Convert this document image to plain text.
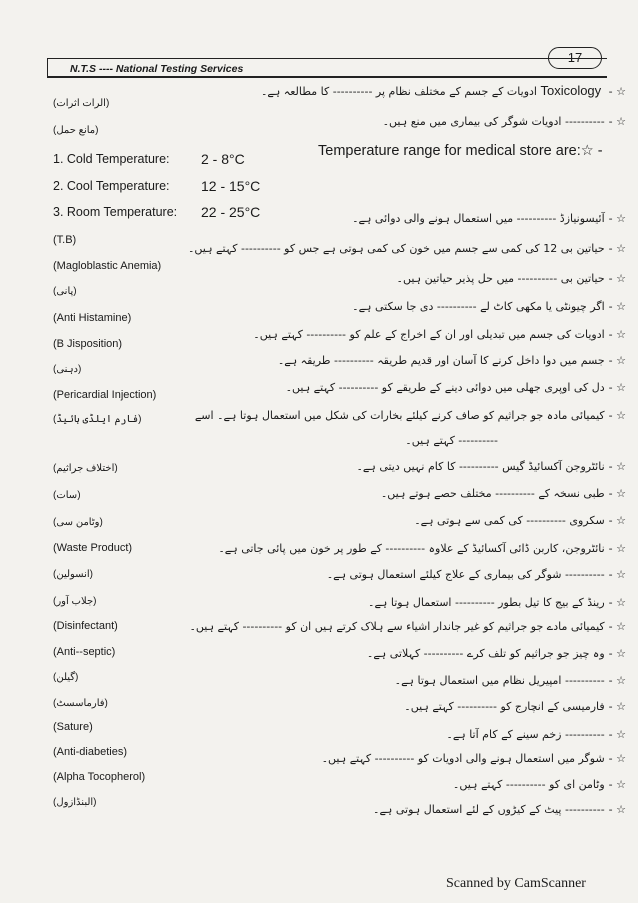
17
N.T.S ---- National Testing Services
☆ - Toxicology ادویات کے جسم کے مختلف نظام پر ---------- کا مطالعہ ہے۔
(الرات اثرات)
☆ ----------- ادویات شوگر کی بیماری میں منع ہیں۔
(مانع حمل)
Temperature range for medical store are:☆ -
1. Cold Temperature: 2 - 8°C
2. Cool Temperature: 12 - 15°C
3. Room Temperature: 22 - 25°C	☆ -آئیسونیازڈ ---------- میں استعمال ہونے والی دوائی ہے۔
(T.B)
☆ -حیاتین بی 12 کی کمی سے جسم میں خون کی کمی ہوتی ہے جس کو ---------- کہتے ہیں۔
(Magloblastic Anemia)
☆ -حیاتین بی ---------- میں حل پذیر حیاتین ہیں۔
(پانی)
☆ -اگر چیونٹی یا مکھی کاٹ لے ---------- دی جا سکتی ہے۔
(Anti Histamine)
☆ -ادویات کی جسم میں تبدیلی اور ان کے اخراج کے علم کو ---------- کہتے ہیں۔
(B Jisposition)
☆ -جسم میں دوا داخل کرنے کا آسان اور قدیم طریقہ ---------- طریقہ ہے۔
(دہنی)
☆ -دل کی اوپری جھلی میں دوائی دینے کے طریقے کو ---------- کہتے ہیں۔
(Pericardial Injection)
☆ -کیمیائی مادہ جو جراثیم کو صاف کرنے کیلئے بخارات کی شکل میں استعمال ہوتا ہے۔ اسے
(فارم ایلڈی ہائیڈ)
---------- کہتے ہیں۔
☆ -نائٹروجن آکسائیڈ گیس ---------- کا کام نہیں دیتی ہے۔
(اختلاف جراثیم)
☆ -طبی نسخہ کے ---------- مختلف حصے ہوتے ہیں۔
(سات)
☆ -سکروی ---------- کی کمی سے ہوتی ہے۔
(وٹامن سی)
☆ -نائٹروجن، کاربن ڈائی آکسائیڈ کے علاوہ ---------- کے طور پر خون میں پائی جاتی ہے۔
(Waste Product)
☆ ----------- شوگر کی بیماری کے علاج کیلئے استعمال ہوتی ہے۔
(انسولین)
☆ -رینڈ کے بیج کا تیل بطور ---------- استعمال ہوتا ہے۔
(جلاب آور)
☆ -کیمیائی مادے جو جراثیم کو غیر جاندار اشیاء سے ہلاک کرتے ہیں ان کو ---------- کہتے ہیں۔
(Disinfectant)
☆ -وہ چیز جو جراثیم کو تلف کرے ---------- کہلاتی ہے۔
(Anti--septic)
☆ ----------- امپیریل نظام میں استعمال ہوتا ہے۔
(گیلن)
☆ -فارمیسی کے انچارج کو ---------- کہتے ہیں۔
(فارماسسٹ)
☆ ----------- زخم سینے کے کام آتا ہے۔
(Sature)
☆ -شوگر میں استعمال ہونے والی ادویات کو ---------- کہتے ہیں۔
(Anti-diabeties)
☆ -وٹامن ای کو ---------- کہتے ہیں۔
(Alpha Tocopherol)
☆ ----------- پیٹ کے کیڑوں کے لئے استعمال ہوتی ہے۔
(البنڈازول)
Scanned by CamScanner
